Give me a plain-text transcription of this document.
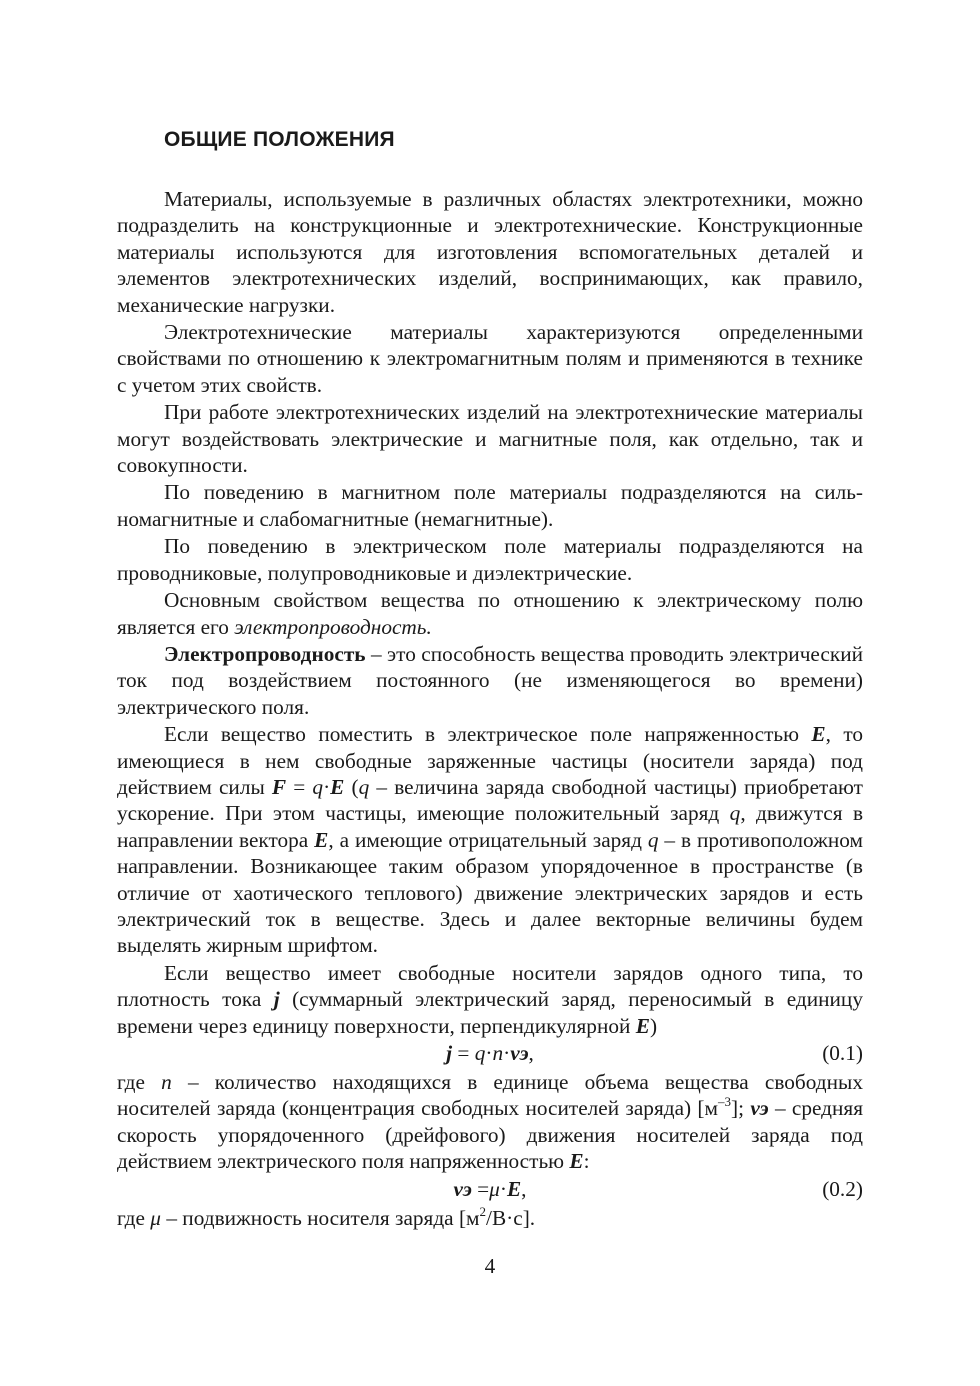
ОБЩИЕ ПОЛОЖЕНИЯ

Материалы, используемые в различных областях электротехники, можно подразделить на конструкционные и электротехнические. Конструкционные материалы используются для изготовления вспомогательных деталей и элементов электротехнических изделий, воспринимающих, как правило, механические нагрузки.

Электротехнические материалы характеризуются определенными свойствами по отношению к электромагнитным полям и применяются в технике с учетом этих свойств.

При работе электротехнических изделий на электротехнические материалы могут воздействовать электрические и магнитные поля, как отдельно, так и совокупности.

По поведению в магнитном поле материалы подразделяются на сильномагнитные и слабомагнитные (немагнитные).

По поведению в электрическом поле материалы подразделяются на проводниковые, полупроводниковые и диэлектрические.

Основным свойством вещества по отношению к электрическому полю является его электропроводность.

Электропроводность – это способность вещества проводить электрический ток под воздействием постоянного (не изменяющегося во времени) электрического поля.

Если вещество поместить в электрическое поле напряженностью E, то имеющиеся в нем свободные заряженные частицы (носители заряда) под действием силы F = q·E (q – величина заряда свободной частицы) приобретают ускорение. При этом частицы, имеющие положительный заряд q, движутся в направлении вектора E, а имеющие отрицательный заряд q – в противоположном направлении. Возникающее таким образом упорядоченное в пространстве (в отличие от хаотического теплового) движение электрических зарядов и есть электрический ток в веществе. Здесь и далее векторные величины будем выделять жирным шрифтом.

Если вещество имеет свободные носители зарядов одного типа, то плотность тока j (суммарный электрический заряд, переносимый в единицу времени через единицу поверхности, перпендикулярной E)

j = q·n·vэ,	(0.1)

где n – количество находящихся в единице объема вещества свободных носителей заряда (концентрация свободных носителей заряда) $[м^{-3}]$; vэ – средняя скорость упорядоченного (дрейфового) движения носителей заряда под действием электрического поля напряженностью E:

vэ =μ·E,	(0.2)

где μ – подвижность носителя заряда $[м^2/В\cdot с]$.

4
